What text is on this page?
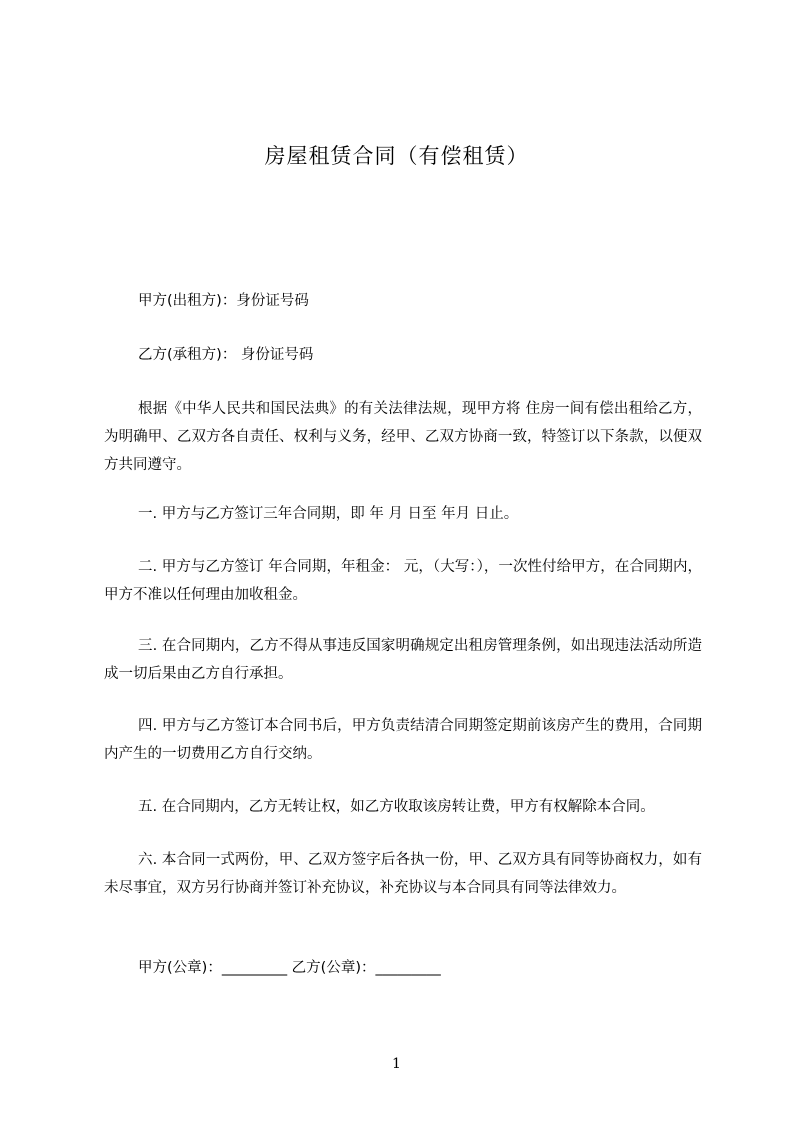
房屋租赁合同（有偿租赁）
甲方(出租方)：身份证号码
乙方(承租方)： 身份证号码
根据《中华人民共和国民法典》的有关法律法规，现甲方将 住房一间有偿出租给乙方，为明确甲、乙双方各自责任、权利与义务，经甲、乙双方协商一致，特签订以下条款，以便双方共同遵守。
一. 甲方与乙方签订三年合同期，即 年 月 日至 年月 日止。
二. 甲方与乙方签订 年合同期，年租金： 元，（大写：），一次性付给甲方，在合同期内，甲方不准以任何理由加收租金。
三. 在合同期内，乙方不得从事违反国家明确规定出租房管理条例，如出现违法活动所造成一切后果由乙方自行承担。
四. 甲方与乙方签订本合同书后，甲方负责结清合同期签定期前该房产生的费用，合同期内产生的一切费用乙方自行交纳。
五. 在合同期内，乙方无转让权，如乙方收取该房转让费，甲方有权解除本合同。
六. 本合同一式两份，甲、乙双方签字后各执一份，甲、乙双方具有同等协商权力，如有未尽事宜，双方另行协商并签订补充协议，补充协议与本合同具有同等法律效力。
甲方(公章)：_________ 乙方(公章)：_________
1
